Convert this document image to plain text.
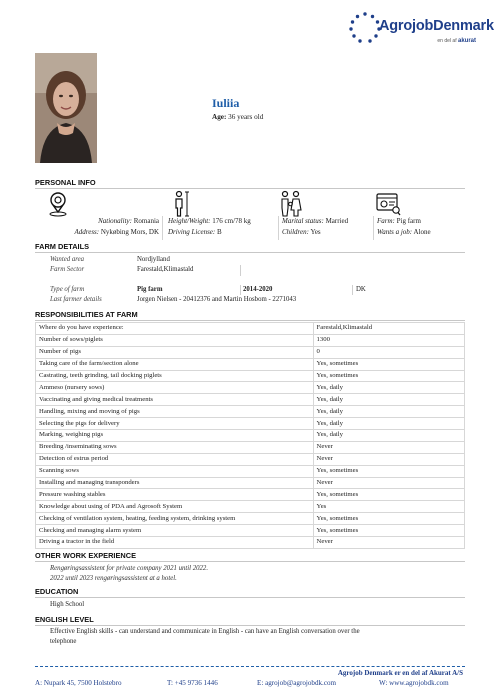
AgrojobDenmark
en del af akurat
Iuliia
Age: 36 years old
PERSONAL INFO
Nationality: Romania
Address: Nykøbing Mors, DK
Height/Weight: 176 cm/78 kg
Driving License: B
Marital status: Married
Children: Yes
Farm: Pig farm
Wants a job: Alone
FARM DETAILS
Wanted area	Nordjylland
Farm Sector	Farestald,Klimastald
Type of farm	Pig farm	2014-2020	DK
Last farmer details	Jorgen Nielsen - 20412376 and Martin Hosbom - 2271043
RESPONSIBILITIES AT FARM
Where do you have experience:	Farestald,Klimastald
Number of sows/piglets	1300
Number of pigs	0
Taking care of the farm/section alone	Yes, sometimes
Castrating, teeth grinding, tail docking piglets	Yes, sometimes
Ammeso (nursery sows)	Yes, daily
Vaccinating and giving medical treatments	Yes, daily
Handling, mixing and moving of pigs	Yes, daily
Selecting the pigs for delivery	Yes, daily
Marking, weighing pigs	Yes, daily
Breeding /inseminating sows	Never
Detection of estrus period	Never
Scanning sows	Yes, sometimes
Installing and managing transponders	Never
Pressure washing stables	Yes, sometimes
Knowledge about using of PDA and Agrosoft System	Yes
Checking of ventilation system, heating, feeding system, drinking system	Yes, sometimes
Checking and managing alarm system	Yes, sometimes
Driving a tractor in the field	Never
OTHER WORK EXPERIENCE
Rengøringsassistent for private company 2021 until 2022.
2022 until 2023 rengøringsassistent at a hotel.
EDUCATION
High School
ENGLISH LEVEL
Effective English skills - can understand and communicate in English - can have an English conversation over the
telephone
Agrojob Denmark er en del af Akurat A/S
A: Nupark 45, 7500 Holstebro	T: +45 9736 1446	E: agrojob@agrojobdk.com	W: www.agrojobdk.com
